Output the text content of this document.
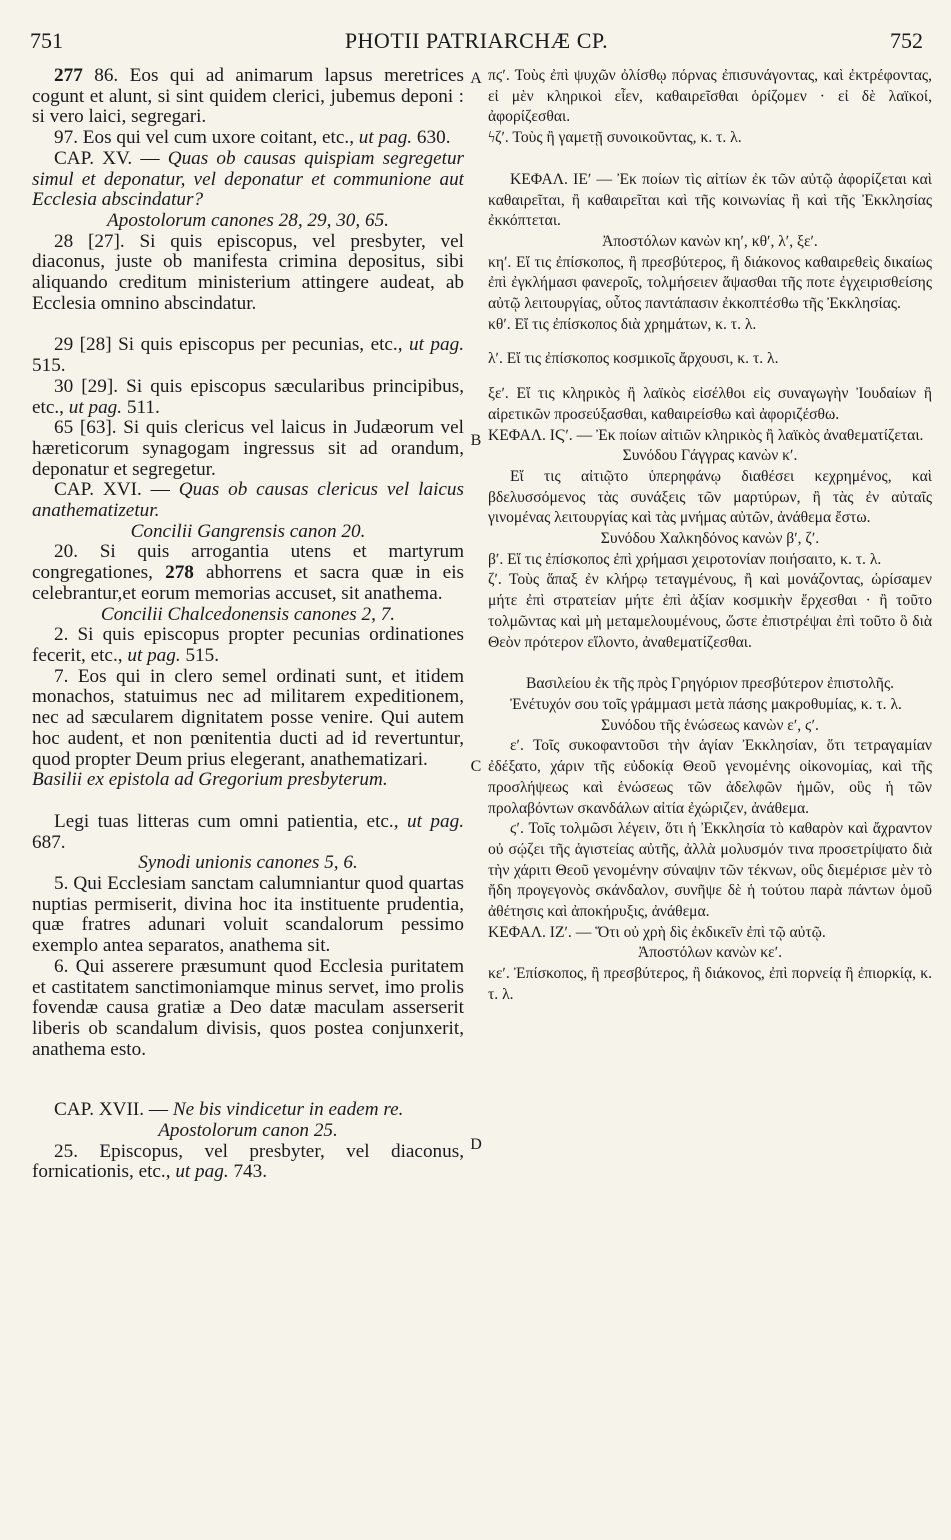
751	PHOTII PATRIARCHÆ CP.	752
A
B
C
D

277 86. Eos qui ad animarum lapsus meretrices cogunt et alunt, si sint quidem clerici, jubemus deponi : si vero laici, segregari.

97. Eos qui vel cum uxore coitant, etc., ut pag. 630.

CAP. XV. — Quas ob causas quispiam segregetur simul et deponatur, vel deponatur et communione aut Ecclesia abscindatur?

Apostolorum canones 28, 29, 30, 65.

28 [27]. Si quis episcopus, vel presbyter, vel diaconus, juste ob manifesta crimina depositus, sibi aliquando creditum ministerium attingere audeat, ab Ecclesia omnino abscindatur.

29 [28] Si quis episcopus per pecunias, etc., ut pag. 515.

30 [29]. Si quis episcopus sæcularibus principibus, etc., ut pag. 511.

65 [63]. Si quis clericus vel laicus in Judæorum vel hæreticorum synagogam ingressus sit ad orandum, deponatur et segregetur.

CAP. XVI. — Quas ob causas clericus vel laicus anathematizetur.

Concilii Gangrensis canon 20.

20. Si quis arrogantia utens et martyrum congregationes, 278 abhorrens et sacra quæ in eis celebrantur,et eorum memorias accuset, sit anathema.

Concilii Chalcedonensis canones 2, 7.

2. Si quis episcopus propter pecunias ordinationes fecerit, etc., ut pag. 515.

7. Eos qui in clero semel ordinati sunt, et itidem monachos, statuimus nec ad militarem expeditionem, nec ad sæcularem dignitatem posse venire. Qui autem hoc audent, et non pœnitentia ducti ad id revertuntur, quod propter Deum prius elegerant, anathematizari.

Basilii ex epistola ad Gregorium presbyterum.

Legi tuas litteras cum omni patientia, etc., ut pag. 687.

Synodi unionis canones 5, 6.

5. Qui Ecclesiam sanctam calumniantur quod quartas nuptias permiserit, divina hoc ita instituente prudentia, quæ fratres adunari voluit scandalorum pessimo exemplo antea separatos, anathema sit.

6. Qui asserere præsumunt quod Ecclesia puritatem et castitatem sanctimoniamque minus servet, imo prolis fovendæ causa gratiæ a Deo datæ maculam asserserit liberis ob scandalum divisis, quos postea conjunxerit, anathema esto.

CAP. XVII. — Ne bis vindicetur in eadem re.

Apostolorum canon 25.

25. Episcopus, vel presbyter, vel diaconus, fornicationis, etc., ut pag. 743.

πϛʹ. Τοὺς ἐπὶ ψυχῶν ὀλίσθῳ πόρνας ἐπισυνάγοντας, καὶ ἐκτρέφοντας, εἰ μὲν κληρικοὶ εἶεν, καθαιρεῖσθαι ὁρίζομεν · εἰ δὲ λαϊκοί, ἀφορίζεσθαι.

ϟζʹ. Τοὺς ἢ γαμετῇ συνοικοῦντας, κ. τ. λ.

ΚΕΦΑΛ. ΙΕʹ — Ἐκ ποίων τὶς αἰτίων ἐκ τῶν αὐτῷ ἀφορίζεται καὶ καθαιρεῖται, ἢ καθαιρεῖται καὶ τῆς κοινωνίας ἢ καὶ τῆς Ἐκκλησίας ἐκκόπτεται.

Ἀποστόλων κανὼν κηʹ, κθʹ, λʹ, ξεʹ.

κηʹ. Εἴ τις ἐπίσκοπος, ἢ πρεσβύτερος, ἢ διάκονος καθαιρεθεὶς δικαίως ἐπὶ ἐγκλήμασι φανεροῖς, τολμήσειεν ἅψασθαι τῆς ποτε ἐγχειρισθείσης αὐτῷ λειτουργίας, οὗτος παντάπασιν ἐκκοπτέσθω τῆς Ἐκκλησίας.

κθʹ. Εἴ τις ἐπίσκοπος διὰ χρημάτων, κ. τ. λ.

λʹ. Εἴ τις ἐπίσκοπος κοσμικοῖς ἄρχουσι, κ. τ. λ.

ξεʹ. Εἴ τις κληρικὸς ἢ λαϊκὸς εἰσέλθοι εἰς συναγωγὴν Ἰουδαίων ἢ αἱρετικῶν προσεύξασθαι, καθαιρείσθω καὶ ἀφοριζέσθω.

ΚΕΦΑΛ. ΙϚʹ. — Ἐκ ποίων αἰτιῶν κληρικὸς ἢ λαϊκὸς ἀναθεματίζεται.

Συνόδου Γάγγρας κανὼν κʹ.

Εἴ τις αἰτιῷτο ὑπερηφάνῳ διαθέσει κεχρημένος, καὶ βδελυσσόμενος τὰς συνάξεις τῶν μαρτύρων, ἢ τὰς ἐν αὐταῖς γινομένας λειτουργίας καὶ τὰς μνήμας αὐτῶν, ἀνάθεμα ἔστω.

Συνόδου Χαλκηδόνος κανὼν βʹ, ζʹ.

βʹ. Εἴ τις ἐπίσκοπος ἐπὶ χρήμασι χειροτονίαν ποιήσαιτο, κ. τ. λ.

ζʹ. Τοὺς ἅπαξ ἐν κλήρῳ τεταγμένους, ἢ καὶ μονάζοντας, ὡρίσαμεν μήτε ἐπὶ στρατείαν μήτε ἐπὶ ἀξίαν κοσμικὴν ἔρχεσθαι · ἢ τοῦτο τολμῶντας καὶ μὴ μεταμελουμένους, ὥστε ἐπιστρέψαι ἐπὶ τοῦτο ὃ διὰ Θεὸν πρότερον εἵλοντο, ἀναθεματίζεσθαι.

Βασιλείου ἐκ τῆς πρὸς Γρηγόριον πρεσβύτερον ἐπιστολῆς.

Ἐνέτυχόν σου τοῖς γράμμασι μετὰ πάσης μακροθυμίας, κ. τ. λ.

Συνόδου τῆς ἑνώσεως κανὼν εʹ, ϛʹ.

εʹ. Τοῖς συκοφαντοῦσι τὴν ἁγίαν Ἐκκλησίαν, ὅτι τετραγαμίαν ἐδέξατο, χάριν τῆς εὐδοκίᾳ Θεοῦ γενομένης οἰκονομίας, καὶ τῆς προσλήψεως καὶ ἑνώσεως τῶν ἀδελφῶν ἡμῶν, οὓς ἡ τῶν προλαβόντων σκανδάλων αἰτία ἐχώριζεν, ἀνάθεμα.

ϛʹ. Τοῖς τολμῶσι λέγειν, ὅτι ἡ Ἐκκλησία τὸ καθαρὸν καὶ ἄχραντον οὐ σῴζει τῆς ἁγιστείας αὐτῆς, ἀλλὰ μολυσμόν τινα προσετρίψατο διὰ τὴν χάριτι Θεοῦ γενομένην σύναψιν τῶν τέκνων, οὓς διεμέρισε μὲν τὸ ἤδη προγεγονὸς σκάνδαλον, συνῆψε δὲ ἡ τούτου παρὰ πάντων ὁμοῦ ἀθέτησις καὶ ἀποκήρυξις, ἀνάθεμα.

ΚΕΦΑΛ. ΙΖʹ. — Ὅτι οὐ χρὴ δὶς ἐκδικεῖν ἐπὶ τῷ αὐτῷ.

Ἀποστόλων κανὼν κεʹ.

κεʹ. Ἐπίσκοπος, ἢ πρεσβύτερος, ἢ διάκονος, ἐπὶ πορνείᾳ ἢ ἐπιορκίᾳ, κ. τ. λ.
